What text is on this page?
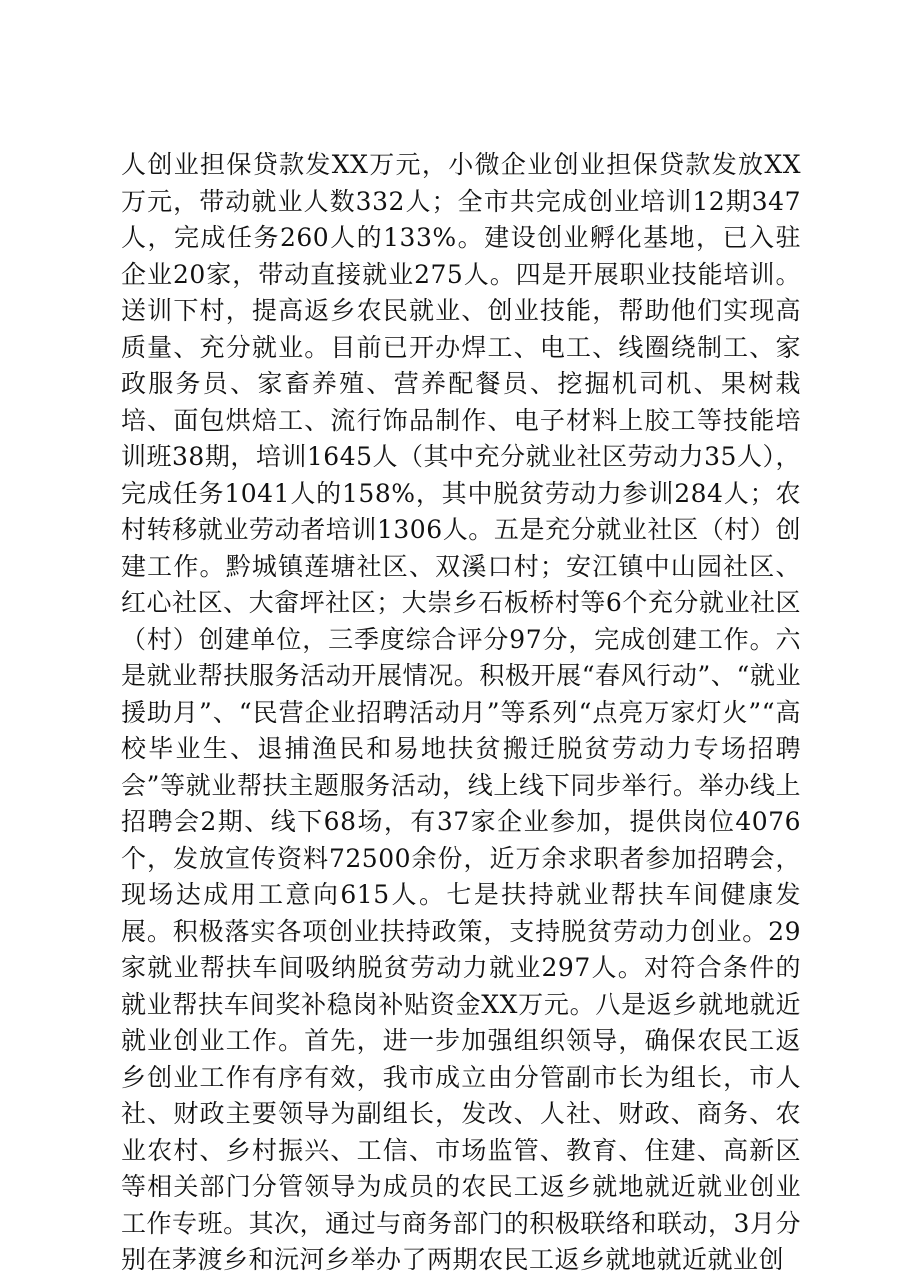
人创业担保贷款发XX万元，小微企业创业担保贷款发放XX万元，带动就业人数332人；全市共完成创业培训12期347人，完成任务260人的133%。建设创业孵化基地，已入驻企业20家，带动直接就业275人。四是开展职业技能培训。送训下村，提高返乡农民就业、创业技能，帮助他们实现高质量、充分就业。目前已开办焊工、电工、线圈绕制工、家政服务员、家畜养殖、营养配餐员、挖掘机司机、果树栽培、面包烘焙工、流行饰品制作、电子材料上胶工等技能培训班38期，培训1645人（其中充分就业社区劳动力35人），完成任务1041人的158%，其中脱贫劳动力参训284人；农村转移就业劳动者培训1306人。五是充分就业社区（村）创建工作。黔城镇莲塘社区、双溪口村；安江镇中山园社区、红心社区、大畲坪社区；大崇乡石板桥村等6个充分就业社区（村）创建单位，三季度综合评分97分，完成创建工作。六是就业帮扶服务活动开展情况。积极开展“春风行动”、“就业援助月”、“民营企业招聘活动月”等系列“点亮万家灯火”“高校毕业生、退捕渔民和易地扶贫搬迁脱贫劳动力专场招聘会”等就业帮扶主题服务活动，线上线下同步举行。举办线上招聘会2期、线下68场，有37家企业参加，提供岗位4076个，发放宣传资料72500余份，近万余求职者参加招聘会，现场达成用工意向615人。七是扶持就业帮扶车间健康发展。积极落实各项创业扶持政策，支持脱贫劳动力创业。29家就业帮扶车间吸纳脱贫劳动力就业297人。对符合条件的就业帮扶车间奖补稳岗补贴资金XX万元。八是返乡就地就近就业创业工作。首先，进一步加强组织领导，确保农民工返乡创业工作有序有效，我市成立由分管副市长为组长，市人社、财政主要领导为副组长，发改、人社、财政、商务、农业农村、乡村振兴、工信、市场监管、教育、住建、高新区等相关部门分管领导为成员的农民工返乡就地就近就业创业工作专班。其次，通过与商务部门的积极联络和联动，3月分别在茅渡乡和沅河乡举办了两期农民工返乡就地就近就业创
